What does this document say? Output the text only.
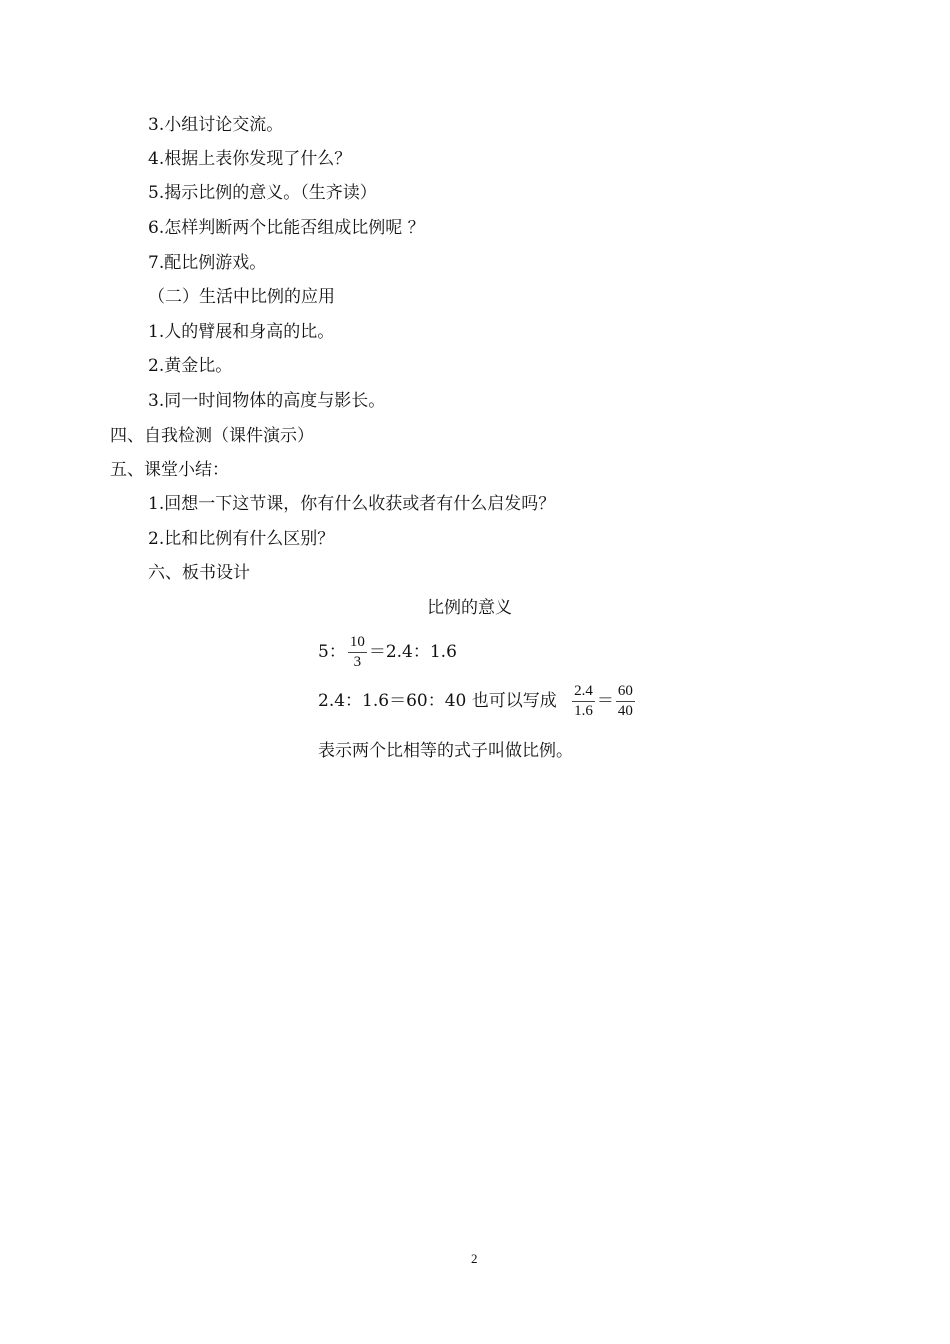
3.小组讨论交流。
4.根据上表你发现了什么？
5.揭示比例的意义。（生齐读）
6.怎样判断两个比能否组成比例呢 ？
7.配比例游戏。
（二）生活中比例的应用
1.人的臂展和身高的比。
2.黄金比。
3.同一时间物体的高度与影长。
四、自我检测（课件演示）
五、课堂小结：
1.回想一下这节课，你有什么收获或者有什么启发吗？
2.比和比例有什么区别？
六、板书设计
比例的意义
5： $\frac{10}{3} =2.4$：1.6
2.4：1.6＝60：40 也可以写成 $\frac{2.4}{1.6} = \frac{60}{40}$
表示两个比相等的式子叫做比例。
2
